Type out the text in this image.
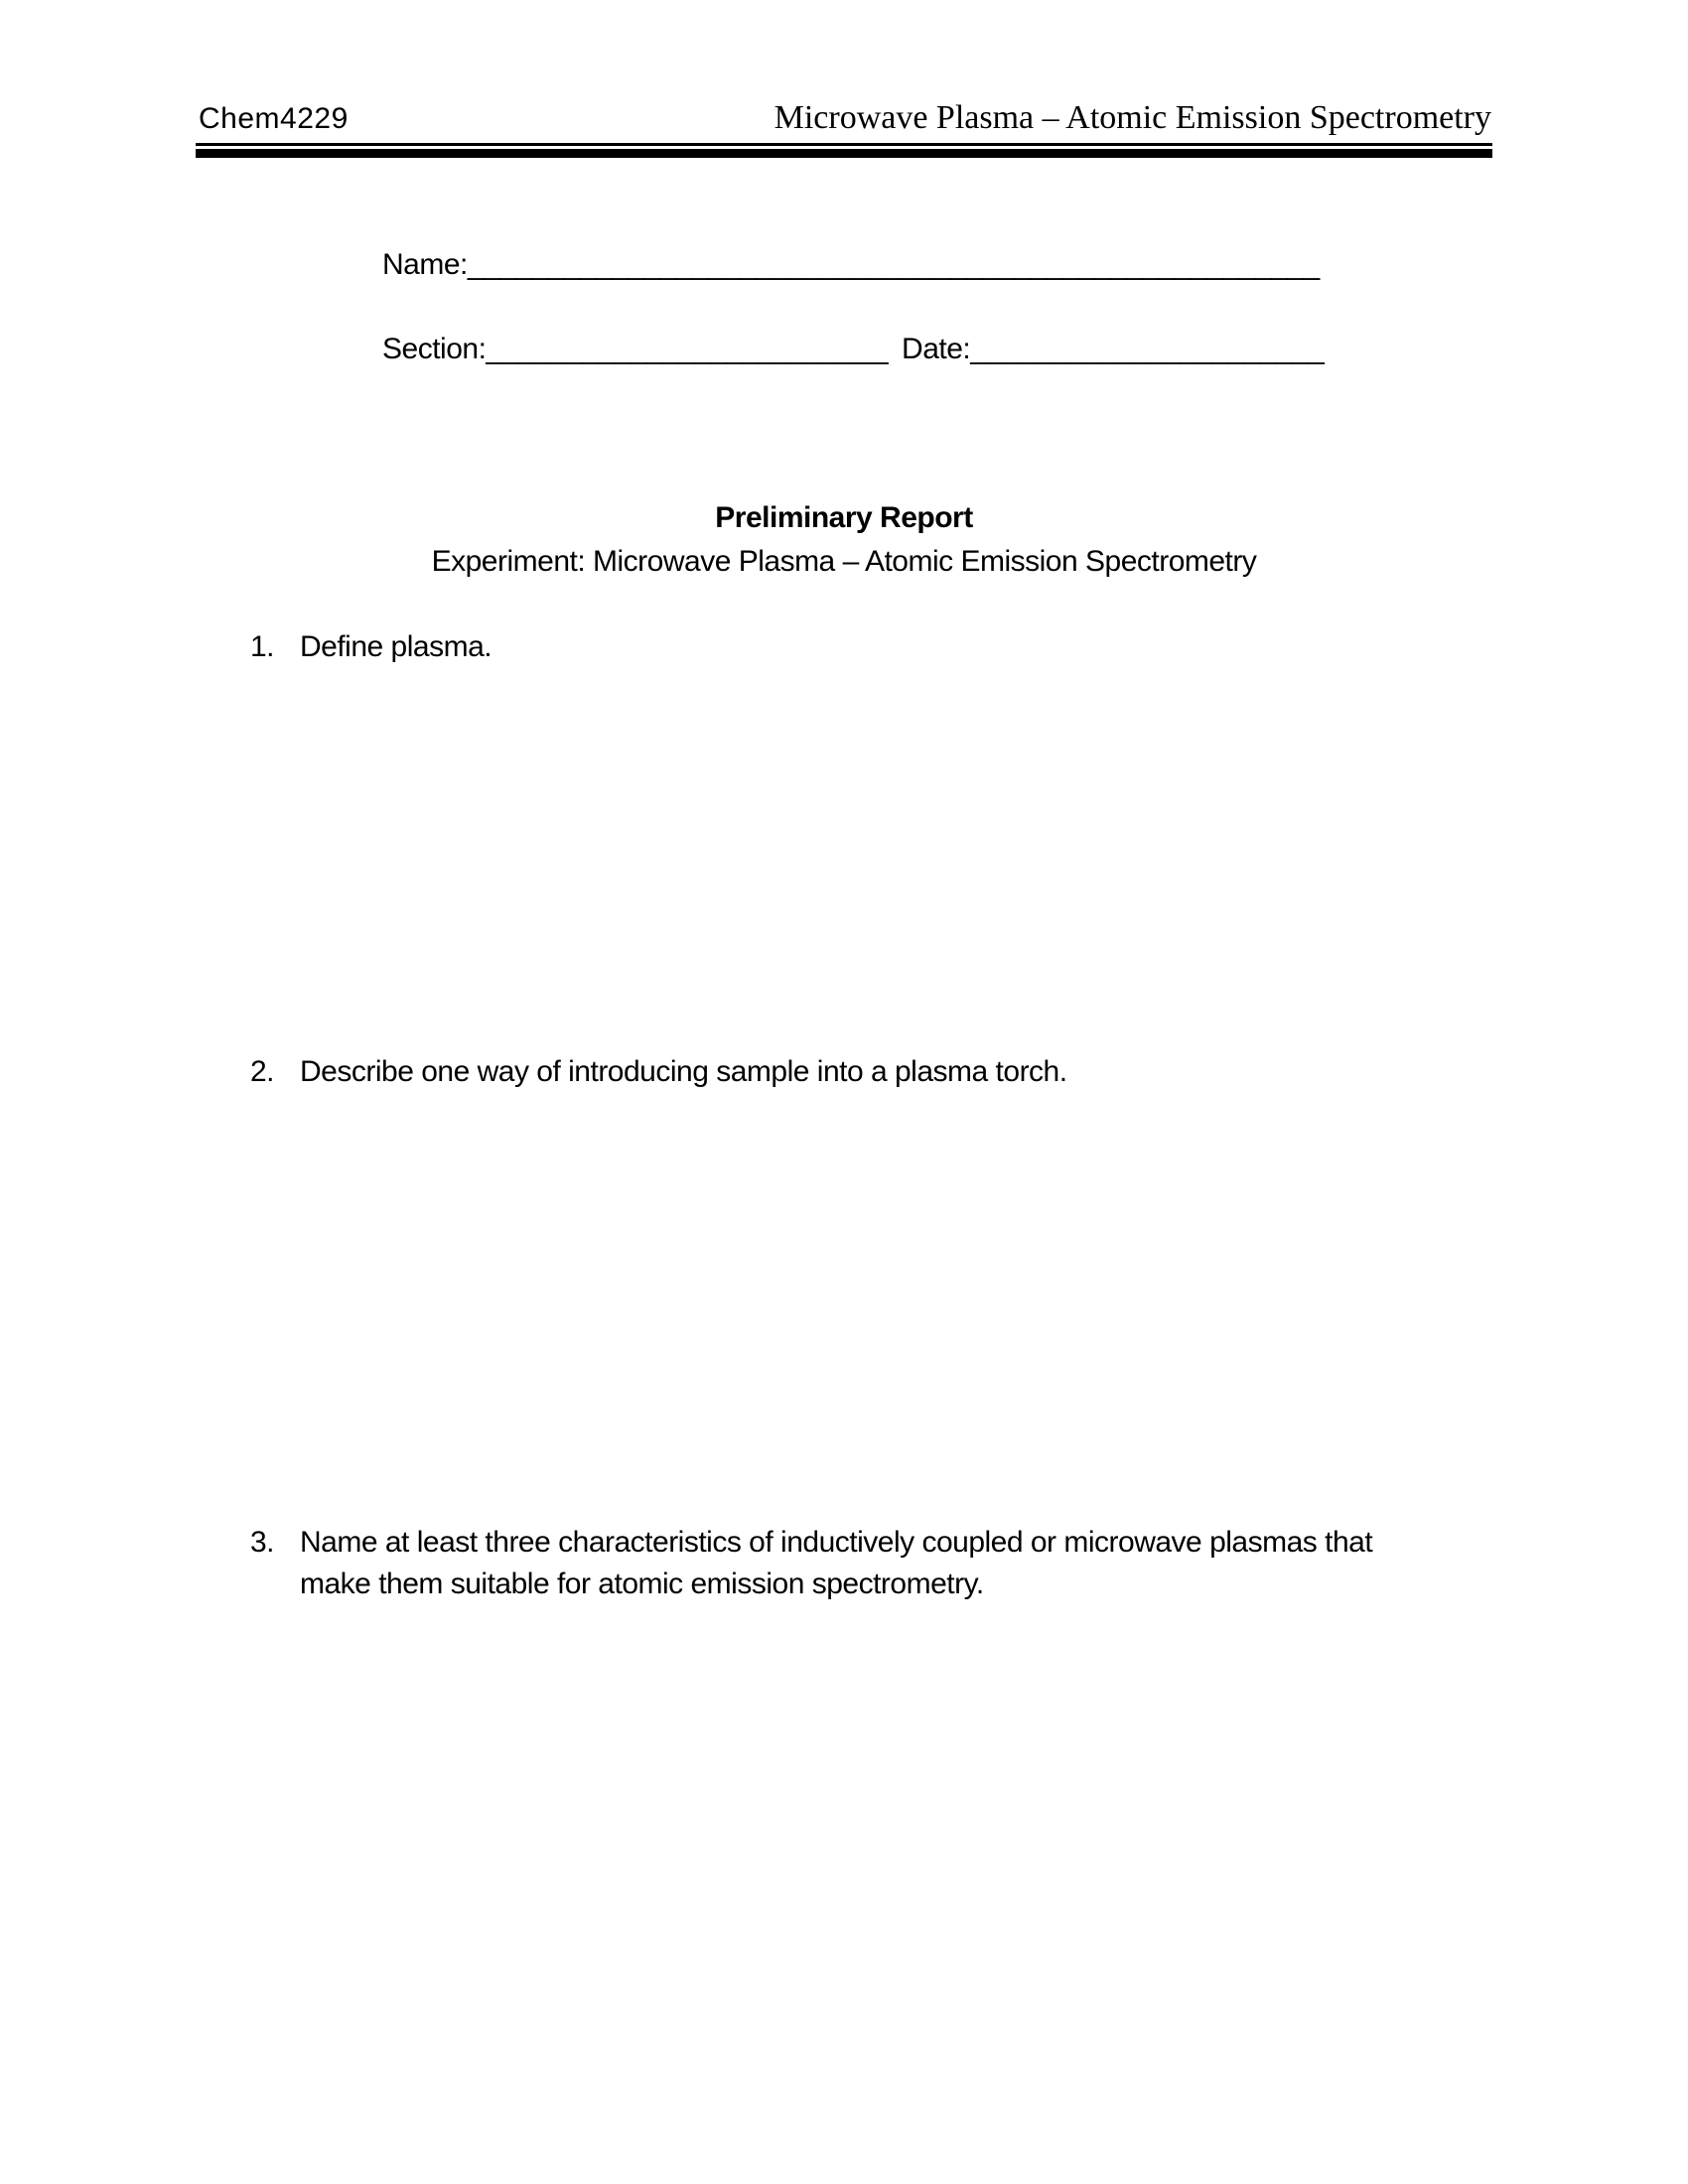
Chem4229	Microwave Plasma – Atomic Emission Spectrometry
Name:_____________________________________________________
Section:_________________________ Date:______________________
Preliminary Report
Experiment: Microwave Plasma – Atomic Emission Spectrometry
1. Define plasma.
2. Describe one way of introducing sample into a plasma torch.
3. Name at least three characteristics of inductively coupled or microwave plasmas that
make them suitable for atomic emission spectrometry.
